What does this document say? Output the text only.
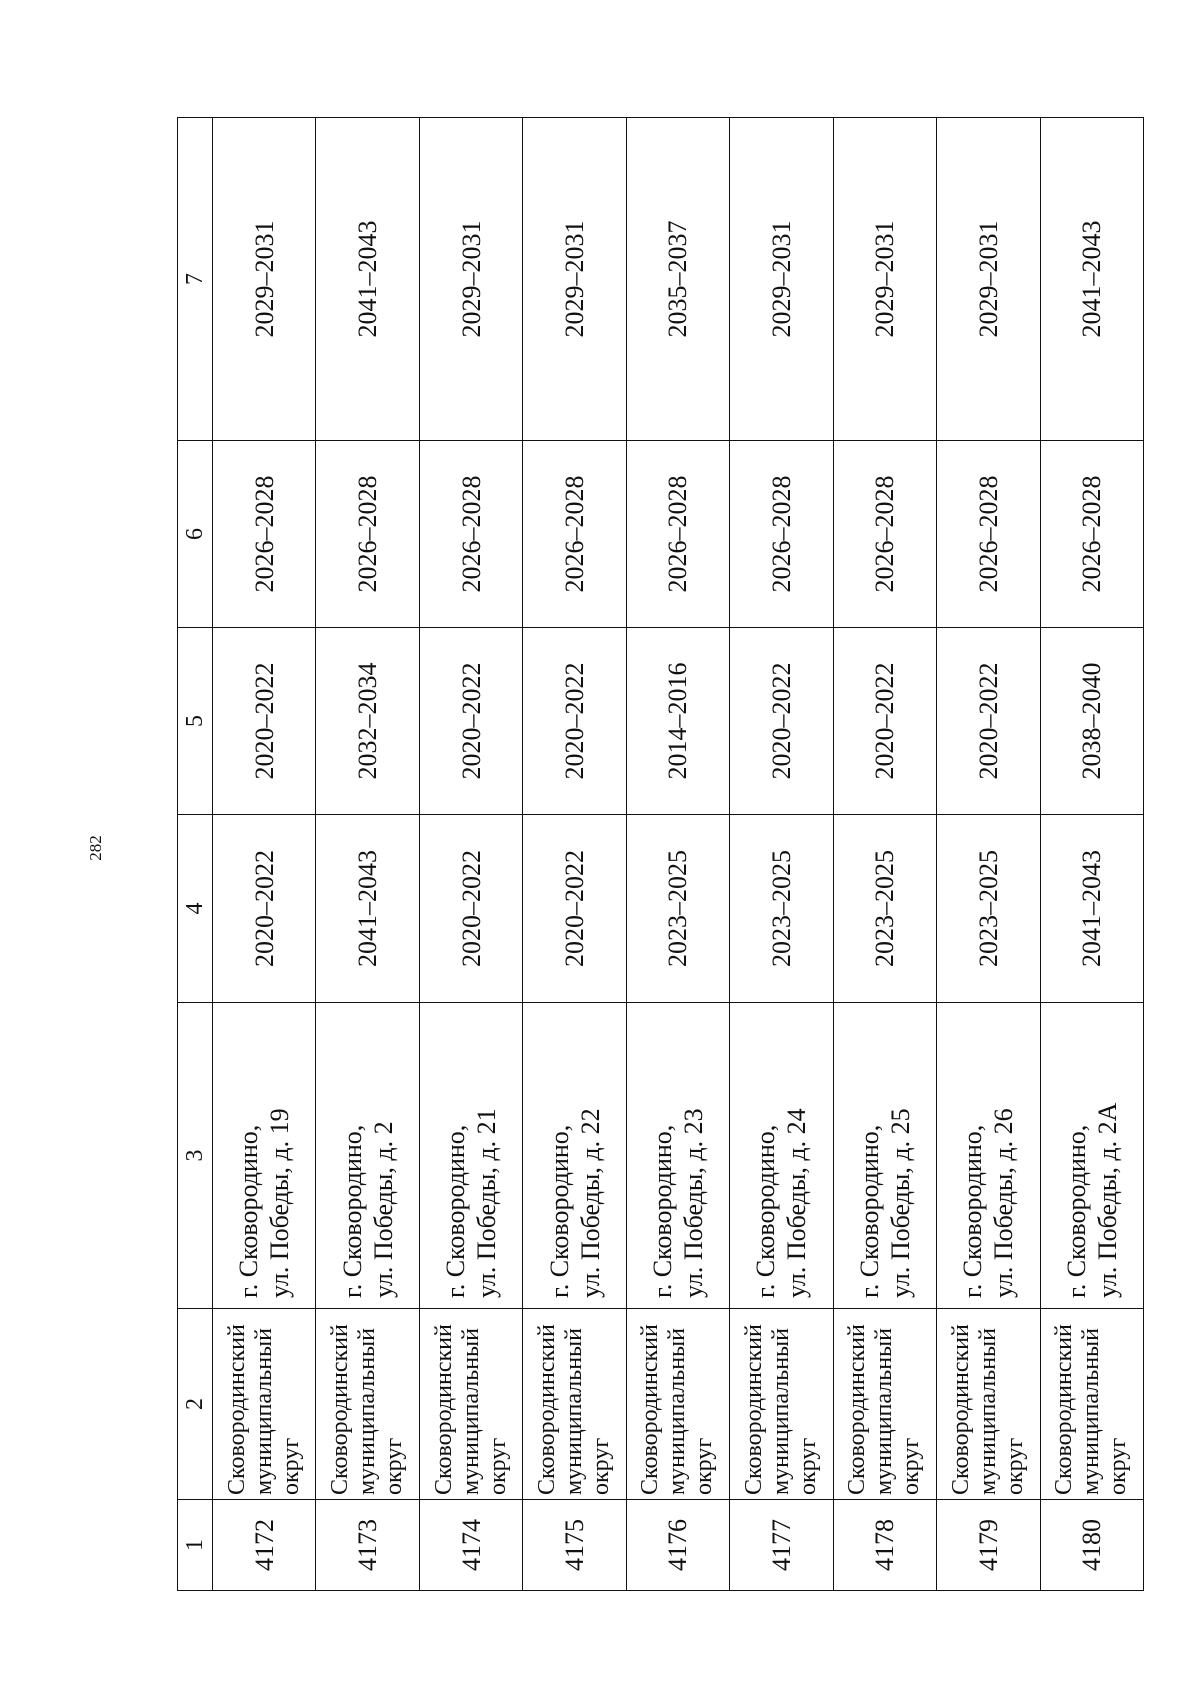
282
1	2	3	4	5	6	7
4172	Сковородинский
муниципальный
округ	г. Сковородино,
ул. Победы, д. 19	2020–2022	2020–2022	2026–2028	2029–2031
4173	Сковородинский
муниципальный
округ	г. Сковородино,
ул. Победы, д. 2	2041–2043	2032–2034	2026–2028	2041–2043
4174	Сковородинский
муниципальный
округ	г. Сковородино,
ул. Победы, д. 21	2020–2022	2020–2022	2026–2028	2029–2031
4175	Сковородинский
муниципальный
округ	г. Сковородино,
ул. Победы, д. 22	2020–2022	2020–2022	2026–2028	2029–2031
4176	Сковородинский
муниципальный
округ	г. Сковородино,
ул. Победы, д. 23	2023–2025	2014–2016	2026–2028	2035–2037
4177	Сковородинский
муниципальный
округ	г. Сковородино,
ул. Победы, д. 24	2023–2025	2020–2022	2026–2028	2029–2031
4178	Сковородинский
муниципальный
округ	г. Сковородино,
ул. Победы, д. 25	2023–2025	2020–2022	2026–2028	2029–2031
4179	Сковородинский
муниципальный
округ	г. Сковородино,
ул. Победы, д. 26	2023–2025	2020–2022	2026–2028	2029–2031
4180	Сковородинский
муниципальный
округ	г. Сковородино,
ул. Победы, д. 2А	2041–2043	2038–2040	2026–2028	2041–2043
